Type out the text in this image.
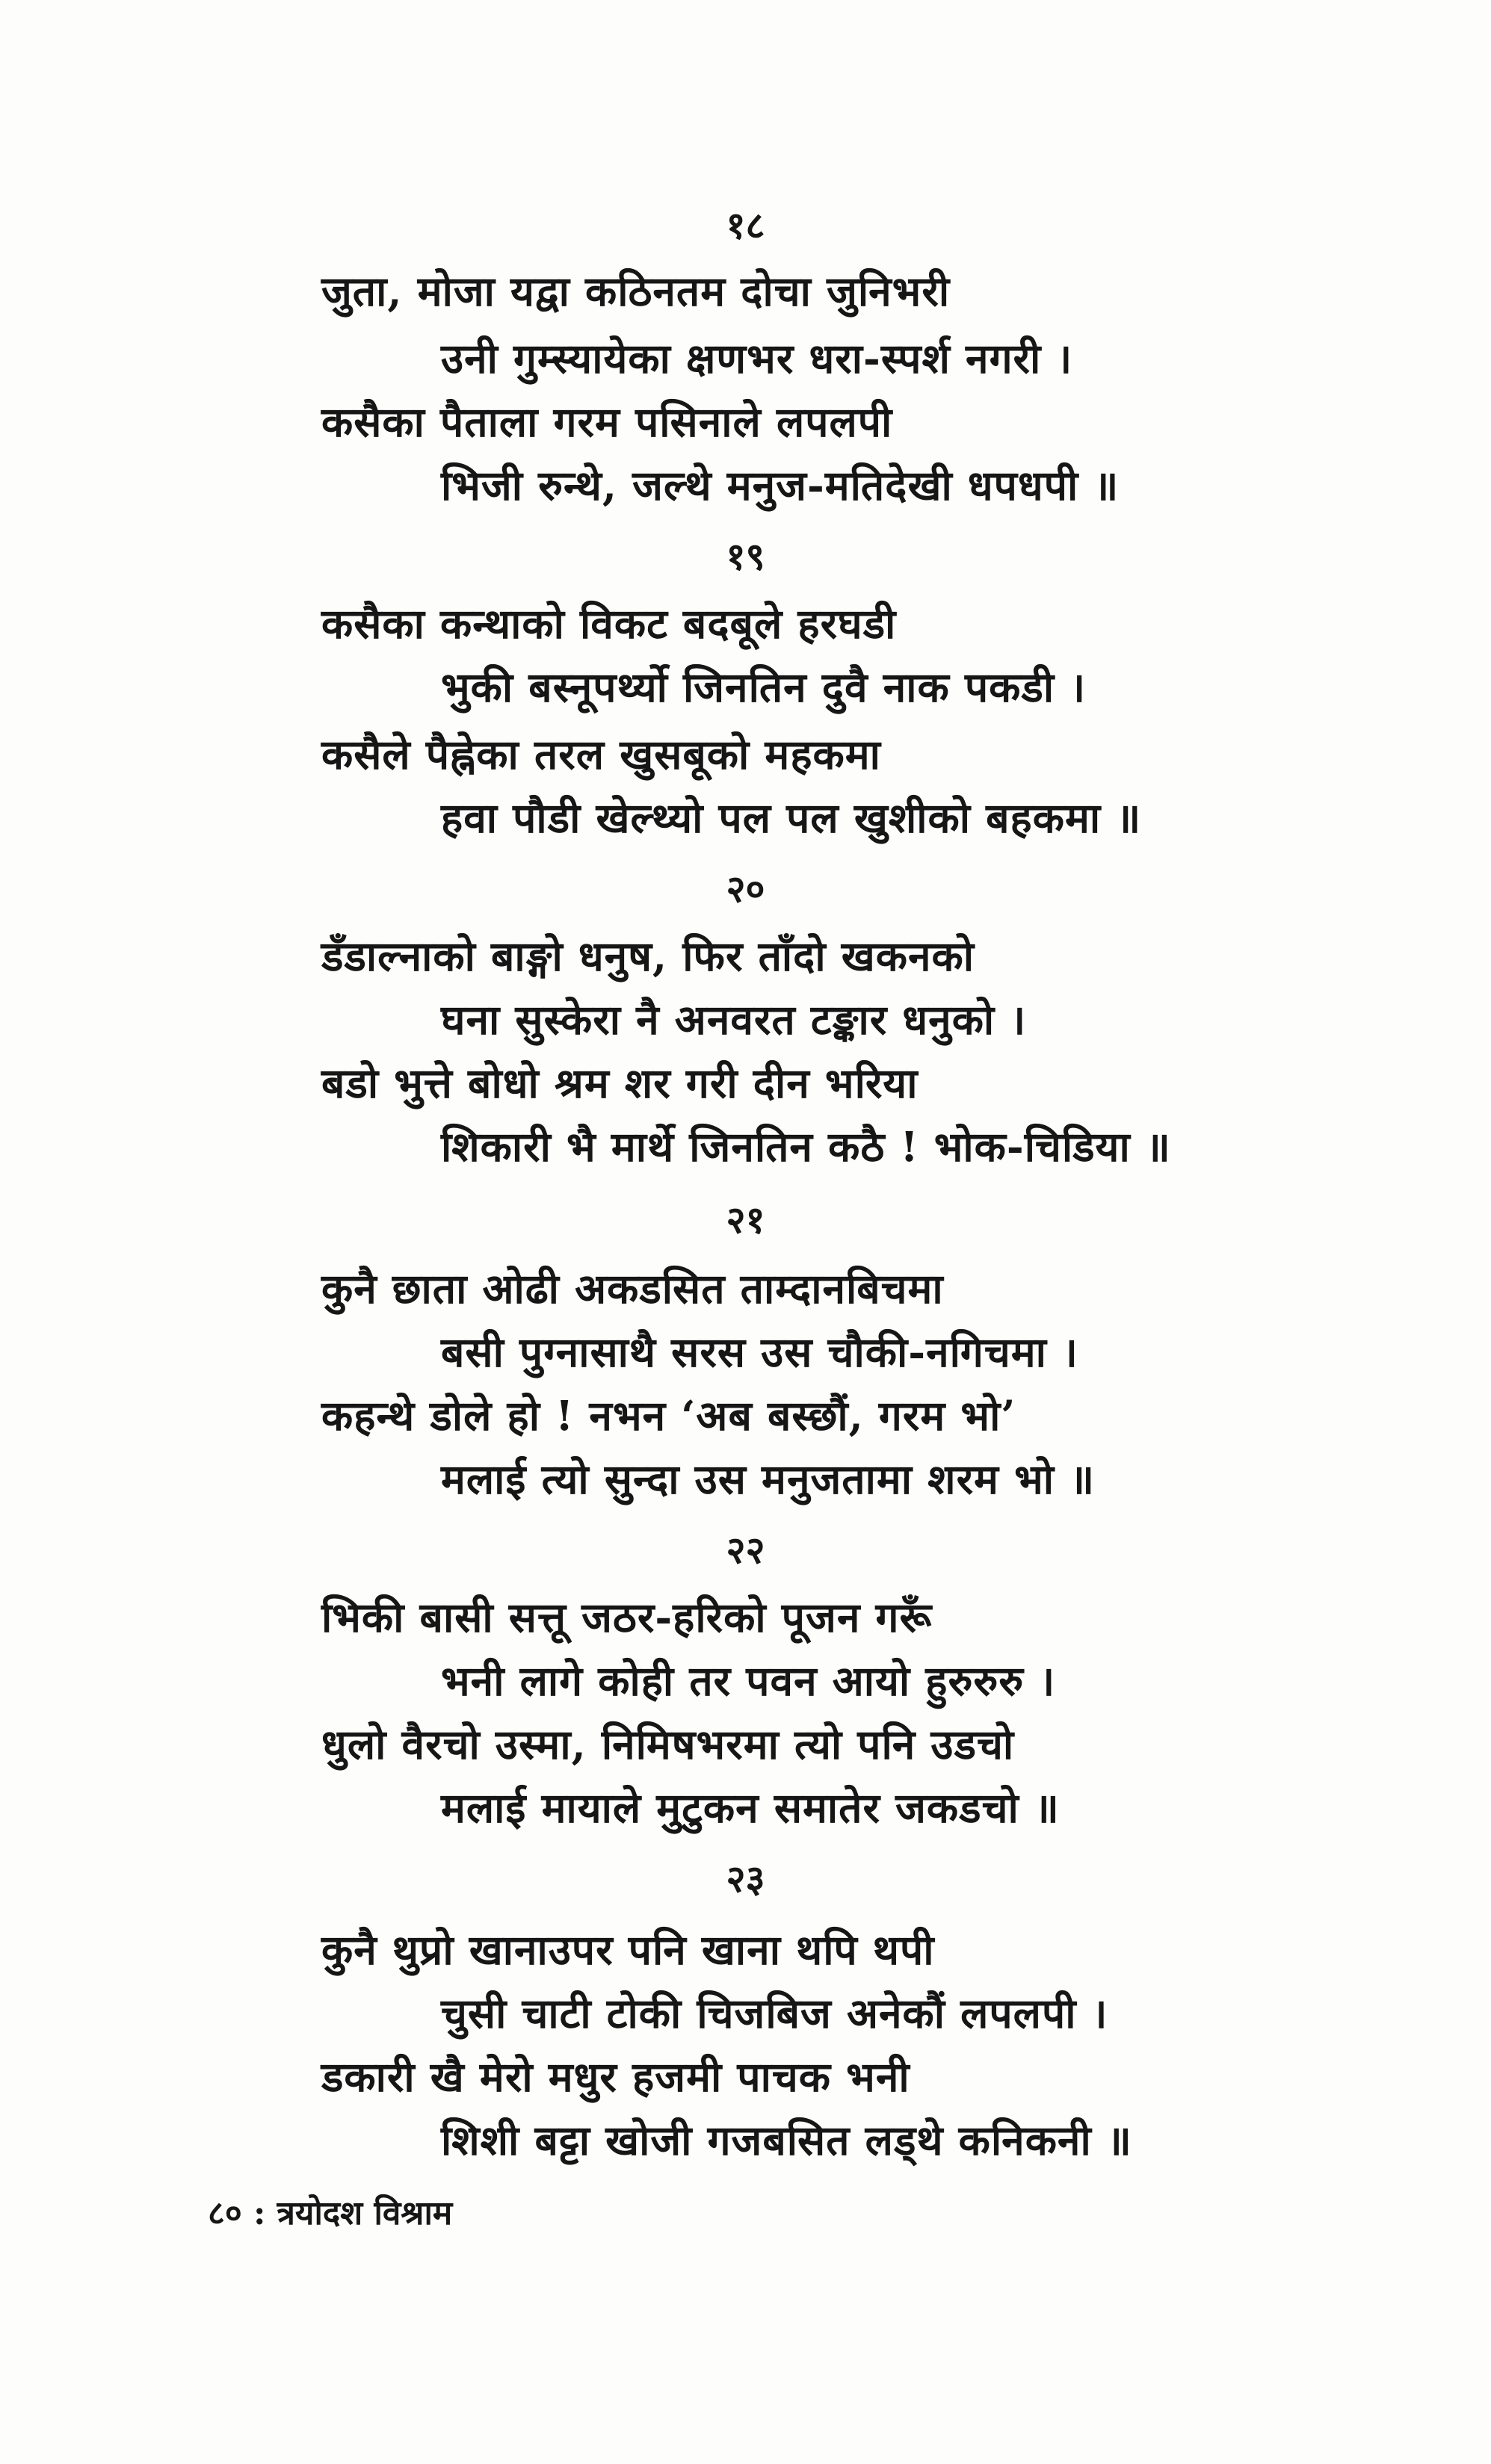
१८
जुता, मोजा यद्वा कठिनतम दोचा जुनिभरी
उनी गुम्स्यायेका क्षणभर धरा-स्पर्श नगरी ।
कसैका पैताला गरम पसिनाले लपलपी
भिजी रुन्थे, जल्थे मनुज-मतिदेखी धपधपी ॥
१९
कसैका कन्थाको विकट बदबूले हरघडी
भुकी बस्नूपर्थ्यो जिनतिन दुवै नाक पकडी ।
कसैले पैह्नेका तरल खुसबूको महकमा
हवा पौडी खेल्थ्यो पल पल खुशीको बहकमा ॥
२०
डँडाल्नाको बाङ्गो धनुष, फिर ताँदो खकनको
घना सुस्केरा नै अनवरत टङ्कार धनुको ।
बडो भुत्ते बोधो श्रम शर गरी दीन भरिया
शिकारी भै मार्थे जिनतिन कठै ! भोक-चिडिया ॥
२१
कुनै छाता ओढी अकडसित ताम्दानबिचमा
बसी पुग्नासाथै सरस उस चौकी-नगिचमा ।
कहन्थे डोले हो ! नभन ‘अब बस्छौं, गरम भो’
मलाई त्यो सुन्दा उस मनुजतामा शरम भो ॥
२२
भिकी बासी सत्तू जठर-हरिको पूजन गरूँ
भनी लागे कोही तर पवन आयो हुरुरुरु ।
धुलो वैरचो उस्मा, निमिषभरमा त्यो पनि उडचो
मलाई मायाले मुटुकन समातेर जकडचो ॥
२३
कुनै थुप्रो खानाउपर पनि खाना थपि थपी
चुसी चाटी टोकी चिजबिज अनेकौं लपलपी ।
डकारी खै मेरो मधुर हजमी पाचक भनी
शिशी बट्टा खोजी गजबसित लड्थे कनिकनी ॥
८० : त्रयोदश विश्राम
